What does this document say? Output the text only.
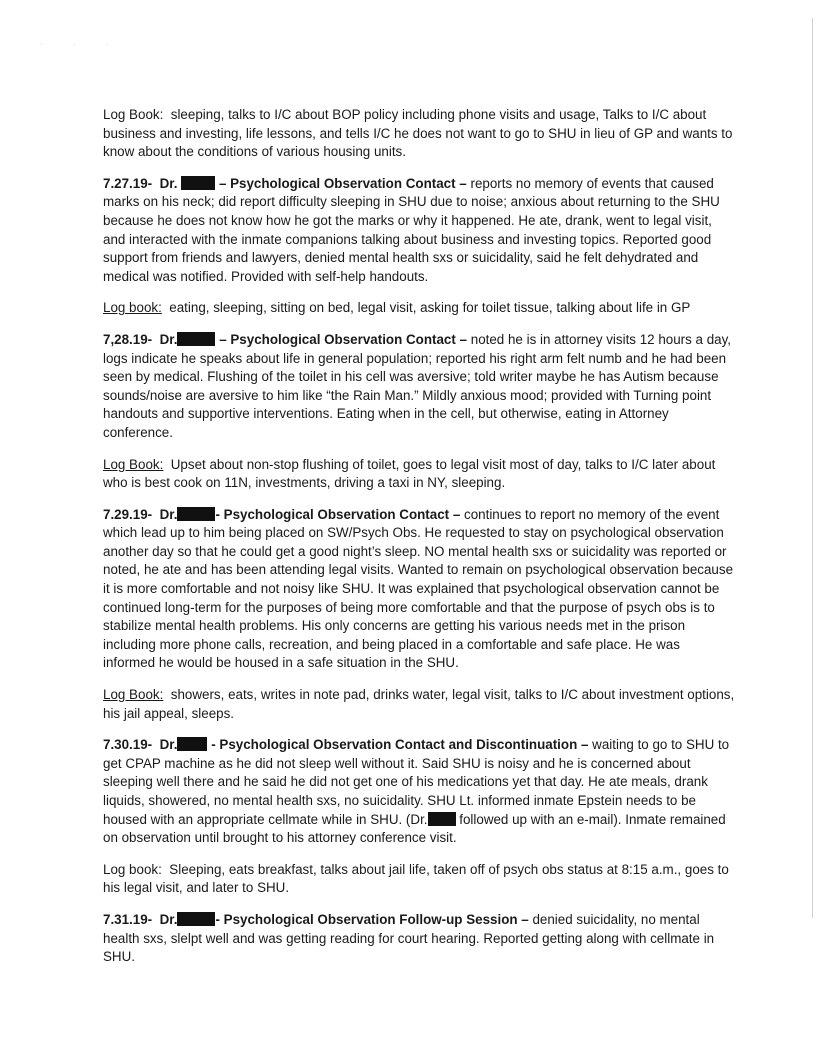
· · ·

Log Book: sleeping, talks to I/C about BOP policy including phone visits and usage, Talks to I/C about business and investing, life lessons, and tells I/C he does not want to go to SHU in lieu of GP and wants to know about the conditions of various housing units.

7.27.19- Dr.	– Psychological Observation Contact – reports no memory of events that caused marks on his neck; did report difficulty sleeping in SHU due to noise; anxious about returning to the SHU because he does not know how he got the marks or why it happened. He ate, drank, went to legal visit, and interacted with the inmate companions talking about business and investing topics. Reported good support from friends and lawyers, denied mental health sxs or suicidality, said he felt dehydrated and medical was notified. Provided with self-help handouts.

Log book: eating, sleeping, sitting on bed, legal visit, asking for toilet tissue, talking about life in GP

7,28.19- Dr.	– Psychological Observation Contact – noted he is in attorney visits 12 hours a day, logs indicate he speaks about life in general population; reported his right arm felt numb and he had been seen by medical. Flushing of the toilet in his cell was aversive; told writer maybe he has Autism because sounds/noise are aversive to him like “the Rain Man.” Mildly anxious mood; provided with Turning point handouts and supportive interventions. Eating when in the cell, but otherwise, eating in Attorney conference.

Log Book: Upset about non-stop flushing of toilet, goes to legal visit most of day, talks to I/C later about who is best cook on 11N, investments, driving a taxi in NY, sleeping.

7.29.19- Dr.	- Psychological Observation Contact – continues to report no memory of the event which lead up to him being placed on SW/Psych Obs. He requested to stay on psychological observation another day so that he could get a good night’s sleep. NO mental health sxs or suicidality was reported or noted, he ate and has been attending legal visits. Wanted to remain on psychological observation because it is more comfortable and not noisy like SHU. It was explained that psychological observation cannot be continued long-term for the purposes of being more comfortable and that the purpose of psych obs is to stabilize mental health problems. His only concerns are getting his various needs met in the prison including more phone calls, recreation, and being placed in a comfortable and safe place. He was informed he would be housed in a safe situation in the SHU.

Log Book: showers, eats, writes in note pad, drinks water, legal visit, talks to I/C about investment options, his jail appeal, sleeps.

7.30.19- Dr.	- Psychological Observation Contact and Discontinuation – waiting to go to SHU to get CPAP machine as he did not sleep well without it. Said SHU is noisy and he is concerned about sleeping well there and he said he did not get one of his medications yet that day. He ate meals, drank liquids, showered, no mental health sxs, no suicidality. SHU Lt. informed inmate Epstein needs to be housed with an appropriate cellmate while in SHU. (Dr. followed up with an e-mail). Inmate remained on observation until brought to his attorney conference visit.

Log book: Sleeping, eats breakfast, talks about jail life, taken off of psych obs status at 8:15 a.m., goes to his legal visit, and later to SHU.

7.31.19- Dr.	- Psychological Observation Follow-up Session – denied suicidality, no mental health sxs, slelpt well and was getting reading for court hearing. Reported getting along with cellmate in SHU.
